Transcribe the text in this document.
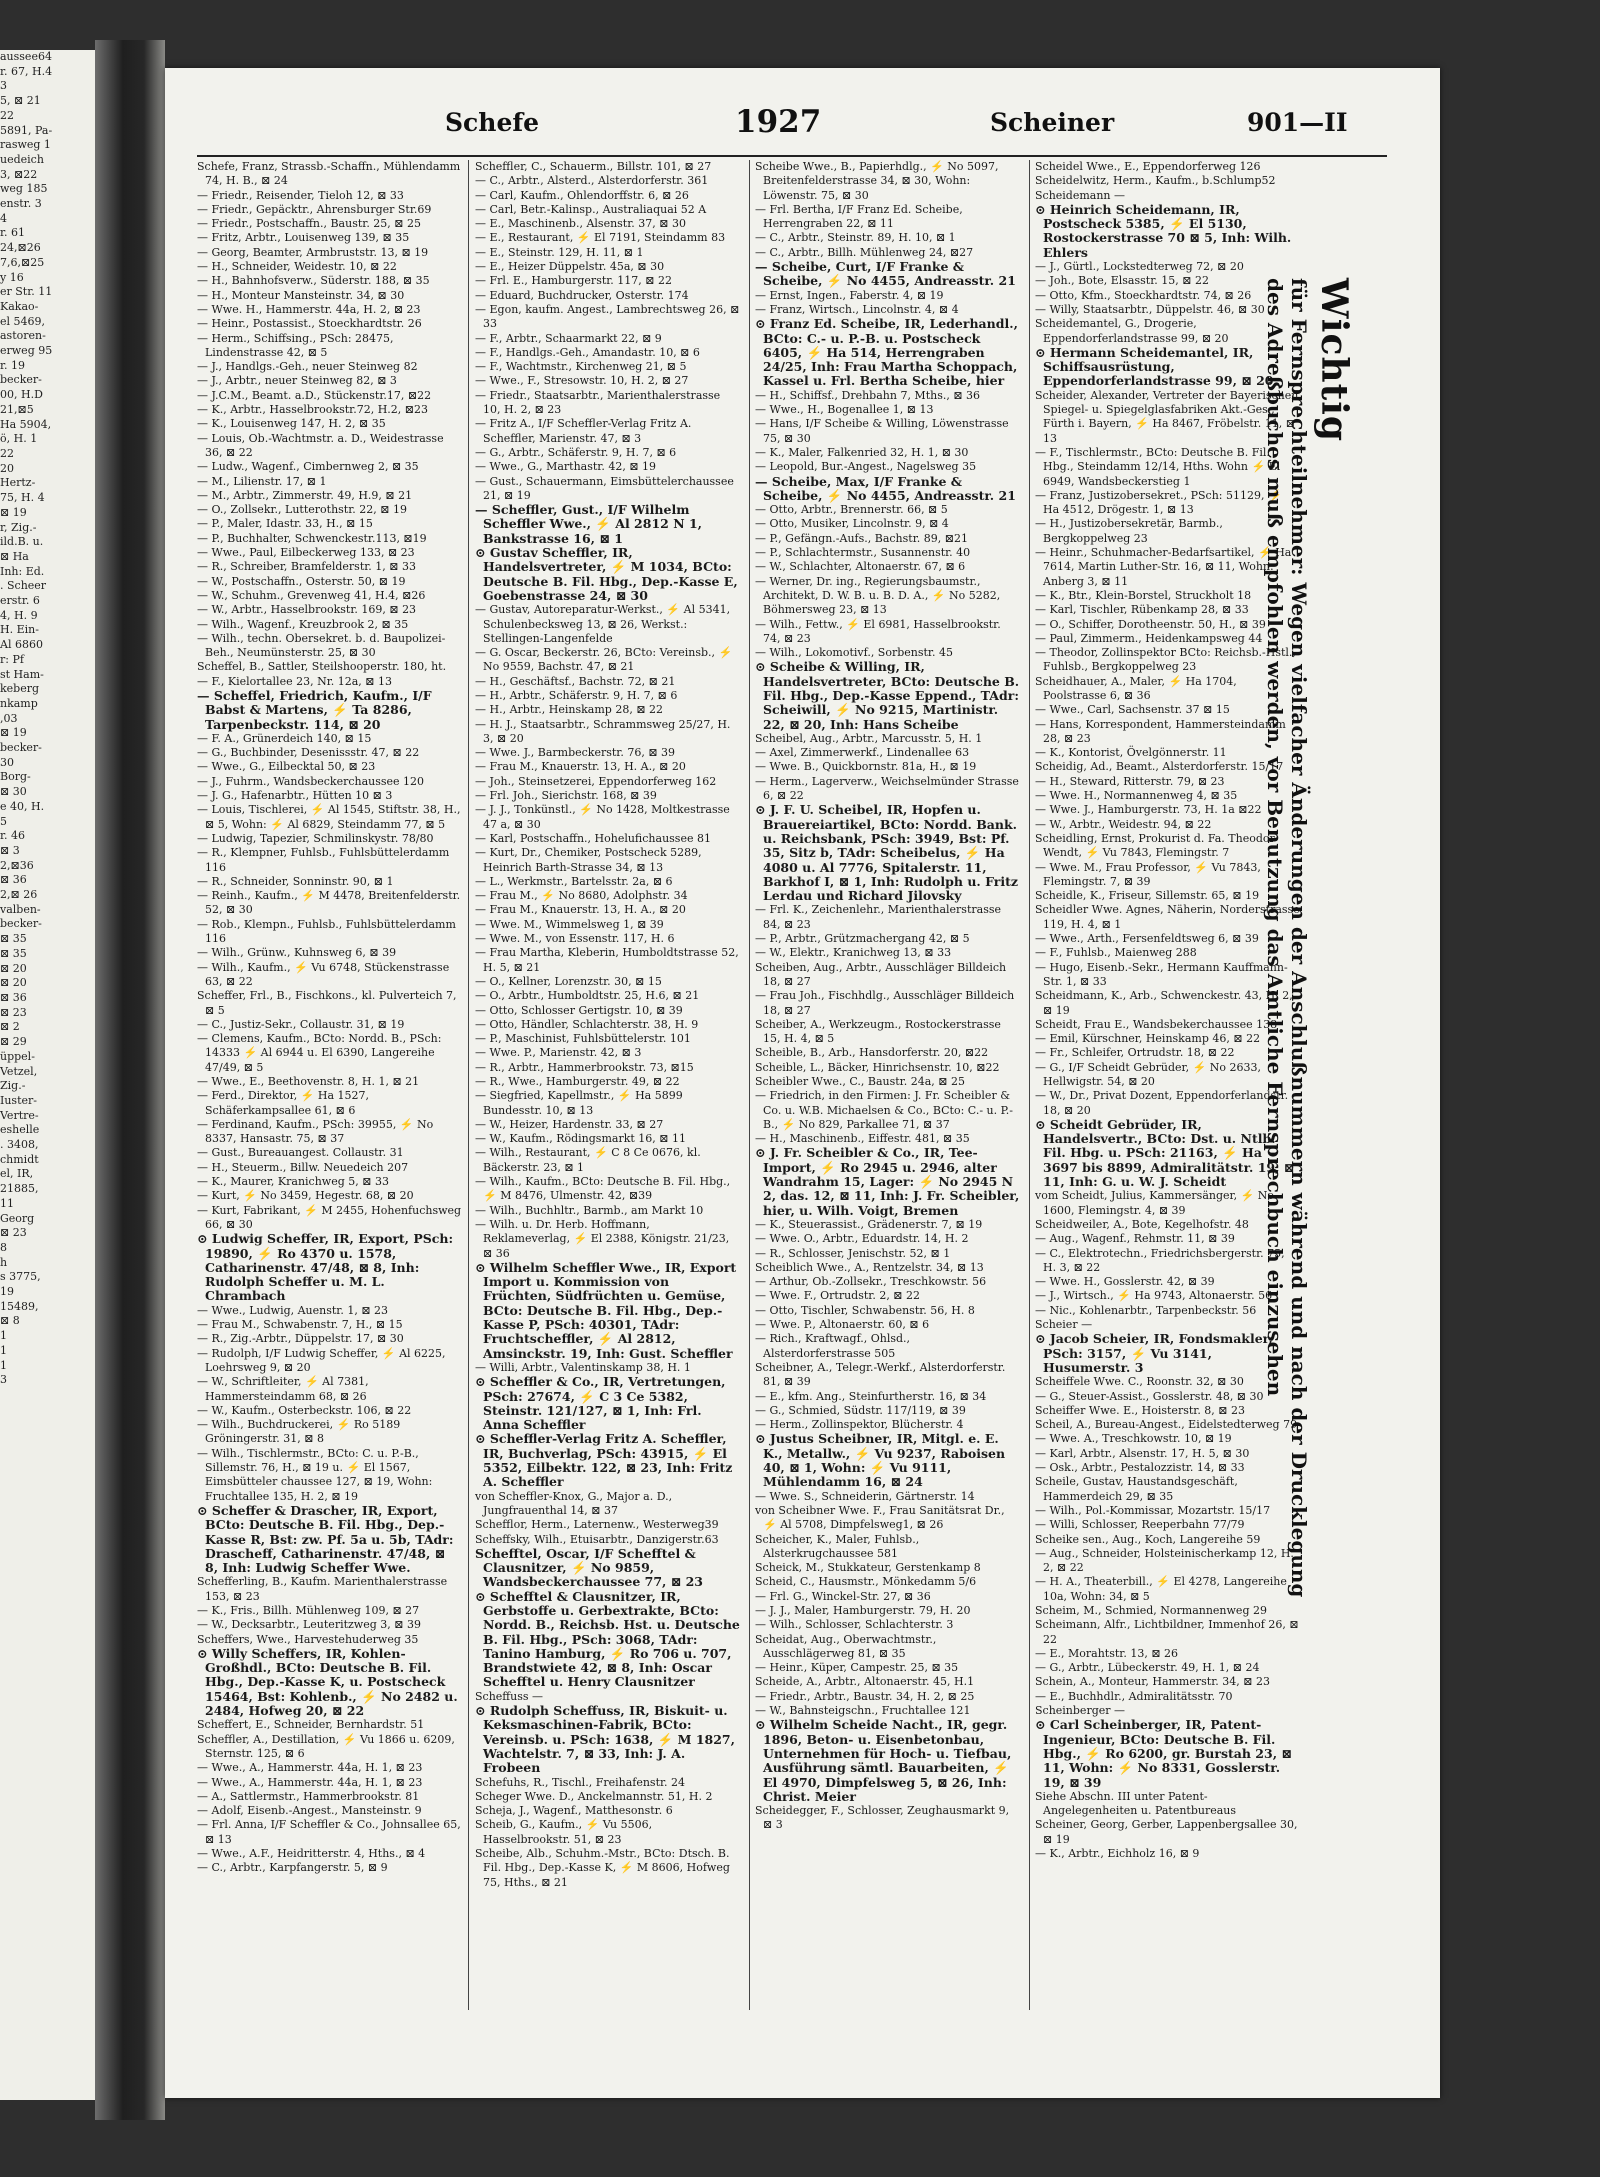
aussee64
r. 67, H.4
3
5, ⊠ 21
22
5891, Pa-
rasweg 1
uedeich
3, ⊠22
weg 185
enstr. 3
4
r. 61
24,⊠26
7,6,⊠25
y 16
er Str. 11
Kakao-
el 5469,
astoren-
erweg 95
r. 19
becker-
00, H.D
21,⊠5
Ha 5904,
ö, H. 1
22
20
Hertz-
75, H. 4
⊠ 19
r, Zig.-
ild.B. u.
⊠ Ha
Inh: Ed.
. Scheer
erstr. 6
4, H. 9
H. Ein-
Al 6860
r: Pf
st Ham-
keberg
nkamp
,03
⊠ 19
becker-
30
Borg-
⊠ 30
e 40, H.
5
r. 46
⊠ 3
2,⊠36
⊠ 36
2,⊠ 26
valben-
becker-
⊠ 35
⊠ 35
⊠ 20
⊠ 20
⊠ 36
⊠ 23
⊠ 2
⊠ 29
üppel-
Vetzel,
Zig.-
Iuster-
Vertre-
eshelle
. 3408,
chmidt
el, IR,
21885,
11
Georg
⊠ 23
8
h
s 3775,
19
15489,
⊠ 8
1
1
1
3
Schefe	1927	Scheiner	901—II

Schefe, Franz, Strassb.-Schaffn., Mühlendamm 74, H. B., ⊠ 24

— Friedr., Reisender, Tieloh 12, ⊠ 33

— Friedr., Gepäcktr., Ahrensburger Str.69

— Friedr., Postschaffn., Baustr. 25, ⊠ 25

— Fritz, Arbtr., Louisenweg 139, ⊠ 35

— Georg, Beamter, Armbruststr. 13, ⊠ 19

— H., Schneider, Weidestr. 10, ⊠ 22

— H., Bahnhofsverw., Süderstr. 188, ⊠ 35

— H., Monteur Mansteinstr. 34, ⊠ 30

— Wwe. H., Hammerstr. 44a, H. 2, ⊠ 23

— Heinr., Postassist., Stoeckhardtstr. 26

— Herm., Schiffsing., PSch: 28475, Lindenstrasse 42, ⊠ 5

— J., Handlgs.-Geh., neuer Steinweg 82

— J., Arbtr., neuer Steinweg 82, ⊠ 3

— J.C.M., Beamt. a.D., Stückenstr.17, ⊠22

— K., Arbtr., Hasselbrookstr.72, H.2, ⊠23

— K., Louisenweg 147, H. 2, ⊠ 35

— Louis, Ob.-Wachtmstr. a. D., Weidestrasse 36, ⊠ 22

— Ludw., Wagenf., Cimbernweg 2, ⊠ 35

— M., Lilienstr. 17, ⊠ 1

— M., Arbtr., Zimmerstr. 49, H.9, ⊠ 21

— O., Zollsekr., Lutterothstr. 22, ⊠ 19

— P., Maler, Idastr. 33, H., ⊠ 15

— P., Buchhalter, Schwenckestr.113, ⊠19

— Wwe., Paul, Eilbeckerweg 133, ⊠ 23

— R., Schreiber, Bramfelderstr. 1, ⊠ 33

— W., Postschaffn., Osterstr. 50, ⊠ 19

— W., Schuhm., Grevenweg 41, H.4, ⊠26

— W., Arbtr., Hasselbrookstr. 169, ⊠ 23

— Wilh., Wagenf., Kreuzbrook 2, ⊠ 35

— Wilh., techn. Obersekret. b. d. Baupolizei-Beh., Neumünsterstr. 25, ⊠ 30

Scheffel, B., Sattler, Steilshooperstr. 180, ht.

— F., Kielortallee 23, Nr. 12a, ⊠ 13

— Scheffel, Friedrich, Kaufm., I/F Babst & Martens, ⚡ Ta 8286, Tarpenbeckstr. 114, ⊠ 20

— F. A., Grünerdeich 140, ⊠ 15

— G., Buchbinder, Desenissstr. 47, ⊠ 22

— Wwe., G., Eilbecktal 50, ⊠ 23

— J., Fuhrm., Wandsbeckerchaussee 120

— J. G., Hafenarbtr., Hütten 10 ⊠ 3

— Louis, Tischlerei, ⚡ Al 1545, Stiftstr. 38, H., ⊠ 5, Wohn: ⚡ Al 6829, Steindamm 77, ⊠ 5

— Ludwig, Tapezier, Schmilinskystr. 78/80

— R., Klempner, Fuhlsb., Fuhlsbüttelerdamm 116

— R., Schneider, Sonninstr. 90, ⊠ 1

— Reinh., Kaufm., ⚡ M 4478, Breitenfelderstr. 52, ⊠ 30

— Rob., Klempn., Fuhlsb., Fuhlsbüttelerdamm 116

— Wilh., Grünw., Kuhnsweg 6, ⊠ 39

— Wilh., Kaufm., ⚡ Vu 6748, Stückenstrasse 63, ⊠ 22

Scheffer, Frl., B., Fischkons., kl. Pulverteich 7, ⊠ 5

— C., Justiz-Sekr., Collaustr. 31, ⊠ 19

— Clemens, Kaufm., BCto: Nordd. B., PSch: 14333 ⚡ Al 6944 u. El 6390, Langereihe 47/49, ⊠ 5

— Wwe., E., Beethovenstr. 8, H. 1, ⊠ 21

— Ferd., Direktor, ⚡ Ha 1527, Schäferkampsallee 61, ⊠ 6

— Ferdinand, Kaufm., PSch: 39955, ⚡ No 8337, Hansastr. 75, ⊠ 37

— Gust., Bureauangest. Collaustr. 31

— H., Steuerm., Billw. Neuedeich 207

— K., Maurer, Kranichweg 5, ⊠ 33

— Kurt, ⚡ No 3459, Hegestr. 68, ⊠ 20

— Kurt, Fabrikant, ⚡ M 2455, Hohenfuchsweg 66, ⊠ 30

⊙ Ludwig Scheffer, IR, Export, PSch: 19890, ⚡ Ro 4370 u. 1578, Catharinenstr. 47/48, ⊠ 8, Inh: Rudolph Scheffer u. M. L. Chrambach

— Wwe., Ludwig, Auenstr. 1, ⊠ 23

— Frau M., Schwabenstr. 7, H., ⊠ 15

— R., Zig.-Arbtr., Düppelstr. 17, ⊠ 30

— Rudolph, I/F Ludwig Scheffer, ⚡ Al 6225, Loehrsweg 9, ⊠ 20

— W., Schriftleiter, ⚡ Al 7381, Hammersteindamm 68, ⊠ 26

— W., Kaufm., Osterbeckstr. 106, ⊠ 22

— Wilh., Buchdruckerei, ⚡ Ro 5189 Gröningerstr. 31, ⊠ 8

— Wilh., Tischlermstr., BCto: C. u. P.-B., Sillemstr. 76, H., ⊠ 19 u. ⚡ El 1567, Eimsbütteler chaussee 127, ⊠ 19, Wohn: Fruchtallee 135, H. 2, ⊠ 19

⊙ Scheffer & Drascher, IR, Export, BCto: Deutsche B. Fil. Hbg., Dep.-Kasse R, Bst: zw. Pf. 5a u. 5b, TAdr: Drascheff, Catharinenstr. 47/48, ⊠ 8, Inh: Ludwig Scheffer Wwe.

Schefferling, B., Kaufm. Marienthalerstrasse 153, ⊠ 23

— K., Fris., Billh. Mühlenweg 109, ⊠ 27

— W., Decksarbtr., Leuteritzweg 3, ⊠ 39

Scheffers, Wwe., Harvestehuderweg 35

⊙ Willy Scheffers, IR, Kohlen-Großhdl., BCto: Deutsche B. Fil. Hbg., Dep.-Kasse K, u. Postscheck 15464, Bst: Kohlenb., ⚡ No 2482 u. 2484, Hofweg 20, ⊠ 22

Scheffert, E., Schneider, Bernhardstr. 51

Scheffler, A., Destillation, ⚡ Vu 1866 u. 6209, Sternstr. 125, ⊠ 6

— Wwe., A., Hammerstr. 44a, H. 1, ⊠ 23

— Wwe., A., Hammerstr. 44a, H. 1, ⊠ 23

— A., Sattlermstr., Hammerbrookstr. 81

— Adolf, Eisenb.-Angest., Mansteinstr. 9

— Frl. Anna, I/F Scheffler & Co., Johnsallee 65, ⊠ 13

— Wwe., A.F., Heidritterstr. 4, Hths., ⊠ 4

— C., Arbtr., Karpfangerstr. 5, ⊠ 9

Scheffler, C., Schauerm., Billstr. 101, ⊠ 27

— C., Arbtr., Alsterd., Alsterdorferstr. 361

— Carl, Kaufm., Ohlendorffstr. 6, ⊠ 26

— Carl, Betr.-Kalinsp., Australiaquai 52 A

— E., Maschinenb., Alsenstr. 37, ⊠ 30

— E., Restaurant, ⚡ El 7191, Steindamm 83

— E., Steinstr. 129, H. 11, ⊠ 1

— E., Heizer Düppelstr. 45a, ⊠ 30

— Frl. E., Hamburgerstr. 117, ⊠ 22

— Eduard, Buchdrucker, Osterstr. 174

— Egon, kaufm. Angest., Lambrechtsweg 26, ⊠ 33

— F., Arbtr., Schaarmarkt 22, ⊠ 9

— F., Handlgs.-Geh., Amandastr. 10, ⊠ 6

— F., Wachtmstr., Kirchenweg 21, ⊠ 5

— Wwe., F., Stresowstr. 10, H. 2, ⊠ 27

— Friedr., Staatsarbtr., Marienthalerstrasse 10, H. 2, ⊠ 23

— Fritz A., I/F Scheffler-Verlag Fritz A. Scheffler, Marienstr. 47, ⊠ 3

— G., Arbtr., Schäferstr. 9, H. 7, ⊠ 6

— Wwe., G., Marthastr. 42, ⊠ 19

— Gust., Schauermann, Eimsbüttelerchaussee 21, ⊠ 19

— Scheffler, Gust., I/F Wilhelm Scheffler Wwe., ⚡ Al 2812 N 1, Bankstrasse 16, ⊠ 1

⊙ Gustav Scheffler, IR, Handelsvertreter, ⚡ M 1034, BCto: Deutsche B. Fil. Hbg., Dep.-Kasse E, Goebenstrasse 24, ⊠ 30

— Gustav, Autoreparatur-Werkst., ⚡ Al 5341, Schulenbecksweg 13, ⊠ 26, Werkst.: Stellingen-Langenfelde

— G. Oscar, Beckerstr. 26, BCto: Vereinsb., ⚡ No 9559, Bachstr. 47, ⊠ 21

— H., Geschäftsf., Bachstr. 72, ⊠ 21

— H., Arbtr., Schäferstr. 9, H. 7, ⊠ 6

— H., Arbtr., Heinskamp 28, ⊠ 22

— H. J., Staatsarbtr., Schrammsweg 25/27, H. 3, ⊠ 20

— Wwe. J., Barmbeckerstr. 76, ⊠ 39

— Frau M., Knauerstr. 13, H. A., ⊠ 20

— Joh., Steinsetzerei, Eppendorferweg 162

— Frl. Joh., Sierichstr. 168, ⊠ 39

— J. J., Tonkünstl., ⚡ No 1428, Moltkestrasse 47 a, ⊠ 30

— Karl, Postschaffn., Hohelufichaussee 81

— Kurt, Dr., Chemiker, Postscheck 5289, Heinrich Barth-Strasse 34, ⊠ 13

— L., Werkmstr., Bartelsstr. 2a, ⊠ 6

— Frau M., ⚡ No 8680, Adolphstr. 34

— Frau M., Knauerstr. 13, H. A., ⊠ 20

— Wwe. M., Wimmelsweg 1, ⊠ 39

— Wwe. M., von Essenstr. 117, H. 6

— Frau Martha, Kleberin, Humboldtstrasse 52, H. 5, ⊠ 21

— O., Kellner, Lorenzstr. 30, ⊠ 15

— O., Arbtr., Humboldtstr. 25, H.6, ⊠ 21

— Otto, Schlosser Gertigstr. 10, ⊠ 39

— Otto, Händler, Schlachterstr. 38, H. 9

— P., Maschinist, Fuhlsbüttelerstr. 101

— Wwe. P., Marienstr. 42, ⊠ 3

— R., Arbtr., Hammerbrookstr. 73, ⊠15

— R., Wwe., Hamburgerstr. 49, ⊠ 22

— Siegfried, Kapellmstr., ⚡ Ha 5899 Bundesstr. 10, ⊠ 13

— W., Heizer, Hardenstr. 33, ⊠ 27

— W., Kaufm., Rödingsmarkt 16, ⊠ 11

— Wilh., Restaurant, ⚡ C 8 Ce 0676, kl. Bäckerstr. 23, ⊠ 1

— Wilh., Kaufm., BCto: Deutsche B. Fil. Hbg., ⚡ M 8476, Ulmenstr. 42, ⊠39

— Wilh., Buchhltr., Barmb., am Markt 10

— Wilh. u. Dr. Herb. Hoffmann, Reklameverlag, ⚡ El 2388, Königstr. 21/23, ⊠ 36

⊙ Wilhelm Scheffler Wwe., IR, Export Import u. Kommission von Früchten, Südfrüchten u. Gemüse, BCto: Deutsche B. Fil. Hbg., Dep.-Kasse P, PSch: 40301, TAdr: Fruchtscheffler, ⚡ Al 2812, Amsinckstr. 19, Inh: Gust. Scheffler

— Willi, Arbtr., Valentinskamp 38, H. 1

⊙ Scheffler & Co., IR, Vertretungen, PSch: 27674, ⚡ C 3 Ce 5382, Steinstr. 121/127, ⊠ 1, Inh: Frl. Anna Scheffler

⊙ Scheffler-Verlag Fritz A. Scheffler, IR, Buchverlag, PSch: 43915, ⚡ El 5352, Eilbektr. 122, ⊠ 23, Inh: Fritz A. Scheffler

von Scheffler-Knox, G., Major a. D., Jungfrauenthal 14, ⊠ 37

Schefflor, Herm., Laternenw., Westerweg39

Scheffsky, Wilh., Etuisarbtr., Danzigerstr.63

Schefftel, Oscar, I/F Schefftel & Clausnitzer, ⚡ No 9859, Wandsbeckerchaussee 77, ⊠ 23

⊙ Schefftel & Clausnitzer, IR, Gerbstoffe u. Gerbextrakte, BCto: Nordd. B., Reichsb. Hst. u. Deutsche B. Fil. Hbg., PSch: 3068, TAdr: Tanino Hamburg, ⚡ Ro 706 u. 707, Brandstwiete 42, ⊠ 8, Inh: Oscar Schefftel u. Henry Clausnitzer

Scheffuss —

⊙ Rudolph Scheffuss, IR, Biskuit- u. Keksmaschinen-Fabrik, BCto: Vereinsb. u. PSch: 1638, ⚡ M 1827, Wachtelstr. 7, ⊠ 33, Inh: J. A. Frobeen

Schefuhs, R., Tischl., Freihafenstr. 24

Scheger Wwe. D., Anckelmannstr. 51, H. 2

Scheja, J., Wagenf., Matthesonstr. 6

Scheib, G., Kaufm., ⚡ Vu 5506, Hasselbrookstr. 51, ⊠ 23

Scheibe, Alb., Schuhm.-Mstr., BCto: Dtsch. B. Fil. Hbg., Dep.-Kasse K, ⚡ M 8606, Hofweg 75, Hths., ⊠ 21

Scheibe Wwe., B., Papierhdlg., ⚡ No 5097, Breitenfelderstrasse 34, ⊠ 30, Wohn: Löwenstr. 75, ⊠ 30

— Frl. Bertha, I/F Franz Ed. Scheibe, Herrengraben 22, ⊠ 11

— C., Arbtr., Steinstr. 89, H. 10, ⊠ 1

— C., Arbtr., Billh. Mühlenweg 24, ⊠27

— Scheibe, Curt, I/F Franke & Scheibe, ⚡ No 4455, Andreasstr. 21

— Ernst, Ingen., Faberstr. 4, ⊠ 19

— Franz, Wirtsch., Lincolnstr. 4, ⊠ 4

⊙ Franz Ed. Scheibe, IR, Lederhandl., BCto: C.- u. P.-B. u. Postscheck 6405, ⚡ Ha 514, Herrengraben 24/25, Inh: Frau Martha Schoppach, Kassel u. Frl. Bertha Scheibe, hier

— H., Schiffsf., Drehbahn 7, Mths., ⊠ 36

— Wwe., H., Bogenallee 1, ⊠ 13

— Hans, I/F Scheibe & Willing, Löwenstrasse 75, ⊠ 30

— K., Maler, Falkenried 32, H. 1, ⊠ 30

— Leopold, Bur.-Angest., Nagelsweg 35

— Scheibe, Max, I/F Franke & Scheibe, ⚡ No 4455, Andreasstr. 21

— Otto, Arbtr., Brennerstr. 66, ⊠ 5

— Otto, Musiker, Lincolnstr. 9, ⊠ 4

— P., Gefängn.-Aufs., Bachstr. 89, ⊠21

— P., Schlachtermstr., Susannenstr. 40

— W., Schlachter, Altonaerstr. 67, ⊠ 6

— Werner, Dr. ing., Regierungsbaumstr., Architekt, D. W. B. u. B. D. A., ⚡ No 5282, Böhmersweg 23, ⊠ 13

— Wilh., Fettw., ⚡ El 6981, Hasselbrookstr. 74, ⊠ 23

— Wilh., Lokomotivf., Sorbenstr. 45

⊙ Scheibe & Willing, IR, Handelsvertreter, BCto: Deutsche B. Fil. Hbg., Dep.-Kasse Eppend., TAdr: Scheiwill, ⚡ No 9215, Martinistr. 22, ⊠ 20, Inh: Hans Scheibe

Scheibel, Aug., Arbtr., Marcusstr. 5, H. 1

— Axel, Zimmerwerkf., Lindenallee 63

— Wwe. B., Quickbornstr. 81a, H., ⊠ 19

— Herm., Lagerverw., Weichselmünder Strasse 6, ⊠ 22

⊙ J. F. U. Scheibel, IR, Hopfen u. Brauereiartikel, BCto: Nordd. Bank. u. Reichsbank, PSch: 3949, Bst: Pf. 35, Sitz b, TAdr: Scheibelus, ⚡ Ha 4080 u. Al 7776, Spitalerstr. 11, Barkhof I, ⊠ 1, Inh: Rudolph u. Fritz Lerdau und Richard Jilovsky

— Frl. K., Zeichenlehr., Marienthalerstrasse 84, ⊠ 23

— P., Arbtr., Grützmachergang 42, ⊠ 5

— W., Elektr., Kranichweg 13, ⊠ 33

Scheiben, Aug., Arbtr., Ausschläger Billdeich 18, ⊠ 27

— Frau Joh., Fischhdlg., Ausschläger Billdeich 18, ⊠ 27

Scheiber, A., Werkzeugm., Rostockerstrasse 15, H. 4, ⊠ 5

Scheible, B., Arb., Hansdorferstr. 20, ⊠22

Scheible, L., Bäcker, Hinrichsenstr. 10, ⊠22

Scheibler Wwe., C., Baustr. 24a, ⊠ 25

— Friedrich, in den Firmen: J. Fr. Scheibler & Co. u. W.B. Michaelsen & Co., BCto: C.- u. P.-B., ⚡ No 829, Parkallee 71, ⊠ 37

— H., Maschinenb., Eiffestr. 481, ⊠ 35

⊙ J. Fr. Scheibler & Co., IR, Tee-Import, ⚡ Ro 2945 u. 2946, alter Wandrahm 15, Lager: ⚡ No 2945 N 2, das. 12, ⊠ 11, Inh: J. Fr. Scheibler, hier, u. Wilh. Voigt, Bremen

— K., Steuerassist., Grädenerstr. 7, ⊠ 19

— Wwe. O., Arbtr., Eduardstr. 14, H. 2

— R., Schlosser, Jenischstr. 52, ⊠ 1

Scheiblich Wwe., A., Rentzelstr. 34, ⊠ 13

— Arthur, Ob.-Zollsekr., Treschkowstr. 56

— Wwe. F., Ortrudstr. 2, ⊠ 22

— Otto, Tischler, Schwabenstr. 56, H. 8

— Wwe. P., Altonaerstr. 60, ⊠ 6

— Rich., Kraftwagf., Ohlsd., Alsterdorferstrasse 505

Scheibner, A., Telegr.-Werkf., Alsterdorferstr. 81, ⊠ 39

— E., kfm. Ang., Steinfurtherstr. 16, ⊠ 34

— G., Schmied, Südstr. 117/119, ⊠ 39

— Herm., Zollinspektor, Blücherstr. 4

⊙ Justus Scheibner, IR, Mitgl. e. E. K., Metallw., ⚡ Vu 9237, Raboisen 40, ⊠ 1, Wohn: ⚡ Vu 9111, Mühlendamm 16, ⊠ 24

— Wwe. S., Schneiderin, Gärtnerstr. 14

von Scheibner Wwe. F., Frau Sanitätsrat Dr., ⚡ Al 5708, Dimpfelsweg1, ⊠ 26

Scheicher, K., Maler, Fuhlsb., Alsterkrugchaussee 581

Scheick, M., Stukkateur, Gerstenkamp 8

Scheid, C., Hausmstr., Mönkedamm 5/6

— Frl. G., Winckel-Str. 27, ⊠ 36

— J. J., Maler, Hamburgerstr. 79, H. 20

— Wilh., Schlosser, Schlachterstr. 3

Scheidat, Aug., Oberwachtmstr., Ausschlägerweg 81, ⊠ 35

— Heinr., Küper, Campestr. 25, ⊠ 35

Scheide, A., Arbtr., Altonaerstr. 45, H.1

— Friedr., Arbtr., Baustr. 34, H. 2, ⊠ 25

— W., Bahnsteigschn., Fruchtallee 121

⊙ Wilhelm Scheide Nacht., IR, gegr. 1896, Beton- u. Eisenbetonbau, Unternehmen für Hoch- u. Tiefbau, Ausführung sämtl. Bauarbeiten, ⚡ El 4970, Dimpfelsweg 5, ⊠ 26, Inh: Christ. Meier

Scheidegger, F., Schlosser, Zeughausmarkt 9, ⊠ 3

Scheidel Wwe., E., Eppendorferweg 126

Scheidelwitz, Herm., Kaufm., b.Schlump52

Scheidemann —

⊙ Heinrich Scheidemann, IR, Postscheck 5385, ⚡ El 5130, Rostockerstrasse 70 ⊠ 5, Inh: Wilh. Ehlers

— J., Gürtl., Lockstedterweg 72, ⊠ 20

— Joh., Bote, Elsasstr. 15, ⊠ 22

— Otto, Kfm., Stoeckhardtstr. 74, ⊠ 26

— Willy, Staatsarbtr., Düppelstr. 46, ⊠ 30

Scheidemantel, G., Drogerie, Eppendorferlandstrasse 99, ⊠ 20

⊙ Hermann Scheidemantel, IR, Schiffsausrüstung, Eppendorferlandstrasse 99, ⊠ 20

Scheider, Alexander, Vertreter der Bayerischen Spiegel- u. Spiegelglasfabriken Akt.-Ges., Fürth i. Bayern, ⚡ Ha 8467, Fröbelstr. 11, ⊠ 13

— F., Tischlermstr., BCto: Deutsche B. Fil. Hbg., Steindamm 12/14, Hths. Wohn ⚡ El 6949, Wandsbeckerstieg 1

— Franz, Justizobersekret., PSch: 51129, ⚡ Ha 4512, Drögestr. 1, ⊠ 13

— H., Justizobersekretär, Barmb., Bergkoppelweg 23

— Heinr., Schuhmacher-Bedarfsartikel, ⚡ Ha 7614, Martin Luther-Str. 16, ⊠ 11, Wohn: Anberg 3, ⊠ 11

— K., Btr., Klein-Borstel, Struckholt 18

— Karl, Tischler, Rübenkamp 28, ⊠ 33

— O., Schiffer, Dorotheenstr. 50, H., ⊠ 39

— Paul, Zimmerm., Heidenkampsweg 44

— Theodor, Zollinspektor BCto: Reichsb.-Hstl., Fuhlsb., Bergkoppelweg 23

Scheidhauer, A., Maler, ⚡ Ha 1704, Poolstrasse 6, ⊠ 36

— Wwe., Carl, Sachsenstr. 37 ⊠ 15

— Hans, Korrespondent, Hammersteindamm 28, ⊠ 23

— K., Kontorist, Övelgönnerstr. 11

Scheidig, Ad., Beamt., Alsterdorferstr. 15/17

— H., Steward, Ritterstr. 79, ⊠ 23

— Wwe. H., Normannenweg 4, ⊠ 35

— Wwe. J., Hamburgerstr. 73, H. 1a ⊠22

— W., Arbtr., Weidestr. 94, ⊠ 22

Scheidling, Ernst, Prokurist d. Fa. Theodor Wendt, ⚡ Vu 7843, Flemingstr. 7

— Wwe. M., Frau Professor, ⚡ Vu 7843, Flemingstr. 7, ⊠ 39

Scheidle, K., Friseur, Sillemstr. 65, ⊠ 19

Scheidler Wwe. Agnes, Näherin, Norderstrasse 119, H. 4, ⊠ 1

— Wwe., Arth., Fersenfeldtsweg 6, ⊠ 39

— F., Fuhlsb., Maienweg 288

— Hugo, Eisenb.-Sekr., Hermann Kauffmann-Str. 1, ⊠ 33

Scheidmann, K., Arb., Schwenckestr. 43, H. 2, ⊠ 19

Scheidt, Frau E., Wandsbekerchaussee 138

— Emil, Kürschner, Heinskamp 46, ⊠ 22

— Fr., Schleifer, Ortrudstr. 18, ⊠ 22

— G., I/F Scheidt Gebrüder, ⚡ No 2633, Hellwigstr. 54, ⊠ 20

— W., Dr., Privat Dozent, Eppendorferlandstr. 18, ⊠ 20

⊙ Scheidt Gebrüder, IR, Handelsvertr., BCto: Dst. u. Ntlb. Fil. Hbg. u. PSch: 21163, ⚡ Ha 3697 bis 8899, Admiralitätstr. 19, ⊠ 11, Inh: G. u. W. J. Scheidt

vom Scheidt, Julius, Kammersänger, ⚡ No 1600, Flemingstr. 4, ⊠ 39

Scheidweiler, A., Bote, Kegelhofstr. 48

— Aug., Wagenf., Rehmstr. 11, ⊠ 39

— C., Elektrotechn., Friedrichsbergerstr. 75, H. 3, ⊠ 22

— Wwe. H., Gosslerstr. 42, ⊠ 39

— J., Wirtsch., ⚡ Ha 9743, Altonaerstr. 56

— Nic., Kohlenarbtr., Tarpenbeckstr. 56

Scheier —

⊙ Jacob Scheier, IR, Fondsmakler, PSch: 3157, ⚡ Vu 3141, Husumerstr. 3

Scheiffele Wwe. C., Roonstr. 32, ⊠ 30

— G., Steuer-Assist., Gosslerstr. 48, ⊠ 30

Scheiffer Wwe. E., Hoisterstr. 8, ⊠ 23

Scheil, A., Bureau-Angest., Eidelstedterweg 79

— Wwe. A., Treschkowstr. 10, ⊠ 19

— Karl, Arbtr., Alsenstr. 17, H. 5, ⊠ 30

— Osk., Arbtr., Pestalozzistr. 14, ⊠ 33

Scheile, Gustav, Haustandsgeschäft, Hammerdeich 29, ⊠ 35

— Wilh., Pol.-Kommissar, Mozartstr. 15/17

— Willi, Schlosser, Reeperbahn 77/79

Scheike sen., Aug., Koch, Langereihe 59

— Aug., Schneider, Holsteinischerkamp 12, H. 2, ⊠ 22

— H. A., Theaterbill., ⚡ El 4278, Langereihe 10a, Wohn: 34, ⊠ 5

Scheim, M., Schmied, Normannenweg 29

Scheimann, Alfr., Lichtbildner, Immenhof 26, ⊠ 22

— E., Morahtstr. 13, ⊠ 26

— G., Arbtr., Lübeckerstr. 49, H. 1, ⊠ 24

Schein, A., Monteur, Hammerstr. 34, ⊠ 23

— E., Buchhdlr., Admiralitätsstr. 70

Scheinberger —

⊙ Carl Scheinberger, IR, Patent-Ingenieur, BCto: Deutsche B. Fil. Hbg., ⚡ Ro 6200, gr. Burstah 23, ⊠ 11, Wohn: ⚡ No 8331, Gosslerstr. 19, ⊠ 39

Siehe Abschn. III unter Patent-Angelegenheiten u. Patentbureaus

Scheiner, Georg, Gerber, Lappenbergsallee 30, ⊠ 19

— K., Arbtr., Eichholz 16, ⊠ 9

Wichtig
für Fernsprechteilnehmer: Wegen vielfacher Änderungen der Anschlußnummern während und nach der Drucklegung
des Adreßbuches muß empfohlen werden, vor Benutzung das Amtliche Fernsprechbuch einzusehen
